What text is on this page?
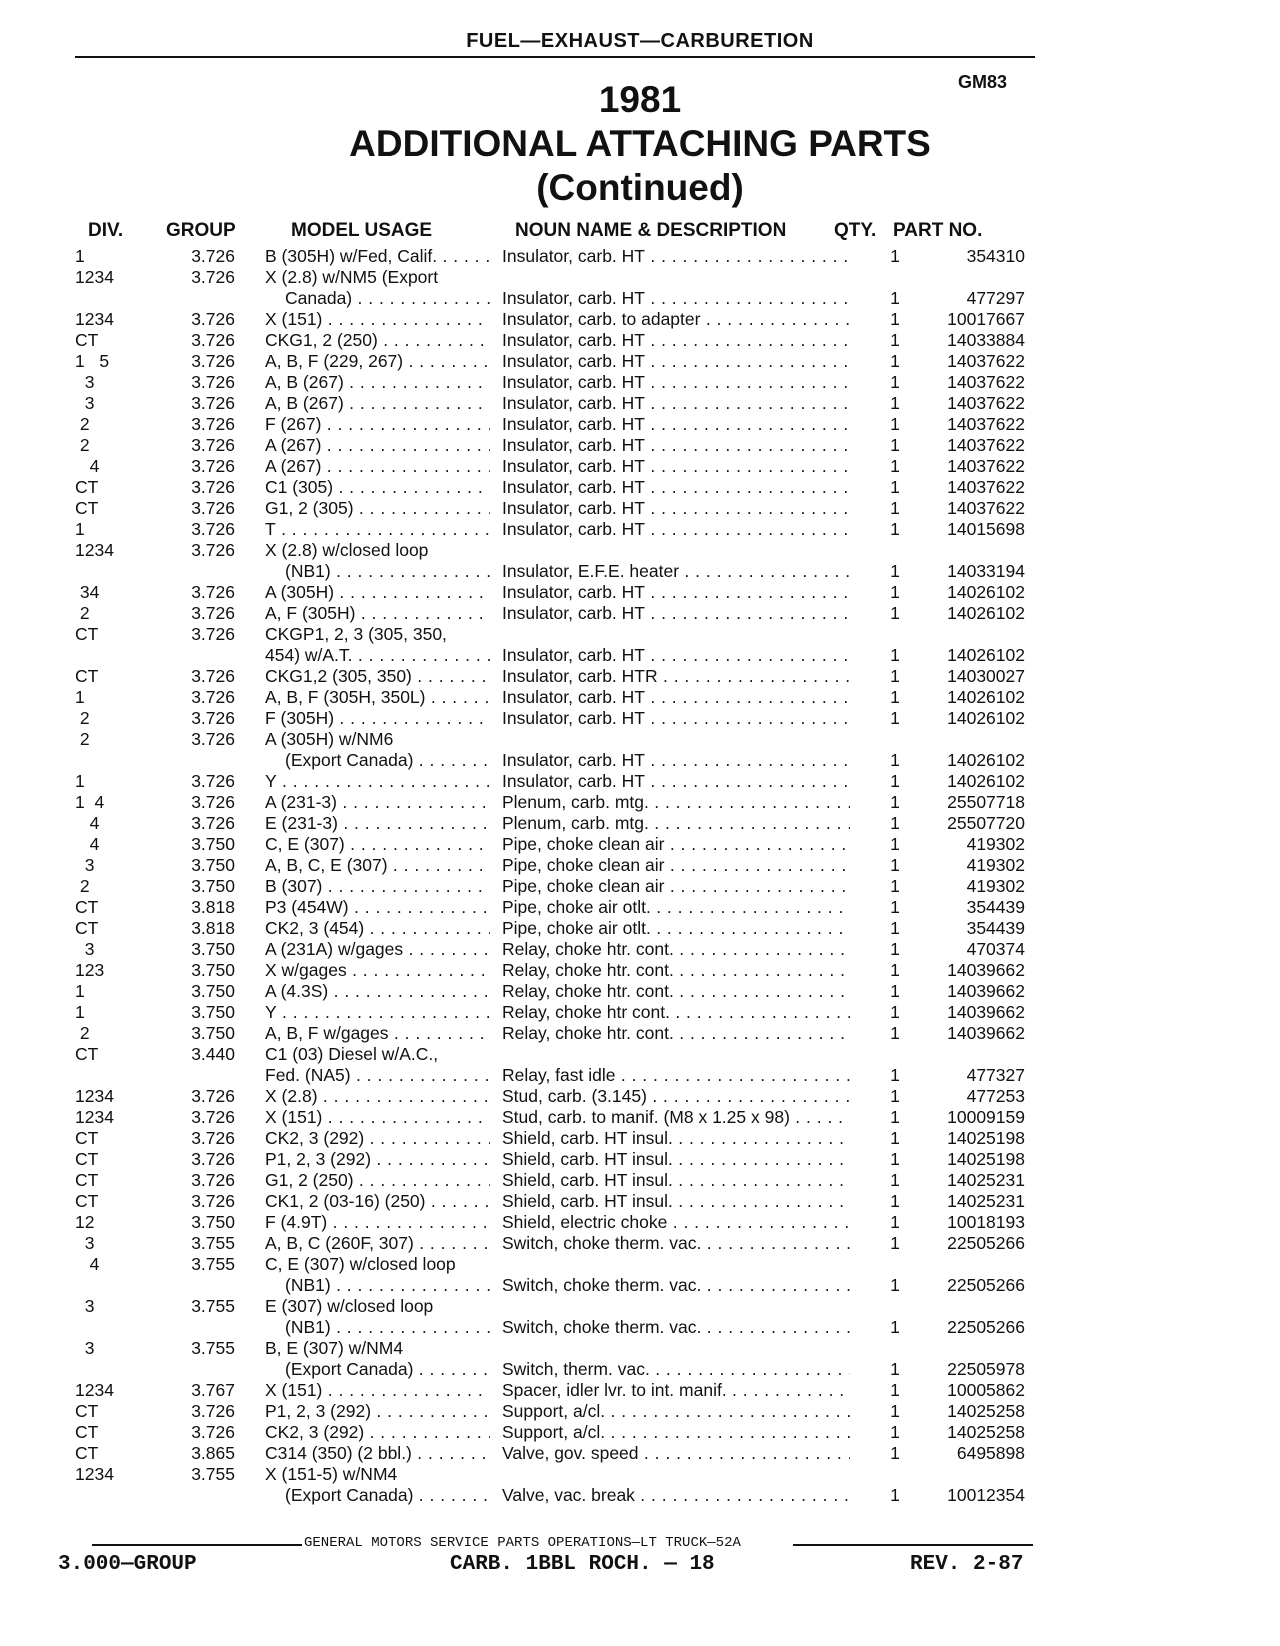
FUEL—EXHAUST—CARBURETION
GM83
1981
ADDITIONAL ATTACHING PARTS
(Continued)
DIV. GROUP	MODEL USAGE	NOUN NAME & DESCRIPTION	QTY. PART NO.
1	3.726 B (305H) w/Fed, Calif. . . .	Insulator, carb. HT . . .	1	354310
1234	3.726 X (2.8) w/NM5 (Export
Canada) . . .	Insulator, carb. HT . . .	1	477297
1234	3.726 X (151) . . .	Insulator, carb. to adapter . . .	1	10017667
CT	3.726 CKG1, 2 (250) . . .	Insulator, carb. HT . . .	1	14033884
1   5	3.726 A, B, F (229, 267) . . .	Insulator, carb. HT . . .	1	14037622
3	3.726 A, B (267) . . .	Insulator, carb. HT . . .	1	14037622
3	3.726 A, B (267) . . .	Insulator, carb. HT . . .	1	14037622
2	3.726 F (267) . . .	Insulator, carb. HT . . .	1	14037622
2	3.726 A (267) . . .	Insulator, carb. HT . . .	1	14037622
4	3.726 A (267) . . .	Insulator, carb. HT . . .	1	14037622
CT	3.726 C1 (305) . . .	Insulator, carb. HT . . .	1	14037622
CT	3.726 G1, 2 (305) . . .	Insulator, carb. HT . . .	1	14037622
1	3.726 T . . .	Insulator, carb. HT . . .	1	14015698
1234	3.726 X (2.8) w/closed loop
(NB1) . . .	Insulator, E.F.E. heater . . .	1	14033194
34	3.726 A (305H) . . .	Insulator, carb. HT . . .	1	14026102
2	3.726 A, F (305H) . . .	Insulator, carb. HT . . .	1	14026102
CT	3.726 CKGP1, 2, 3 (305, 350,
454) w/A.T. . . .	Insulator, carb. HT . . .	1	14026102
CT	3.726 CKG1,2 (305, 350) . . .	Insulator, carb. HTR . . .	1	14030027
1	3.726 A, B, F (305H, 350L) . . .	Insulator, carb. HT . . .	1	14026102
2	3.726 F (305H) . . .	Insulator, carb. HT . . .	1	14026102
2	3.726 A (305H) w/NM6
(Export Canada) . . .	Insulator, carb. HT . . .	1	14026102
1	3.726 Y . . .	Insulator, carb. HT . . .	1	14026102
1  4	3.726 A (231-3) . . .	Plenum, carb. mtg. . . .	1	25507718
4	3.726 E (231-3) . . .	Plenum, carb. mtg. . . .	1	25507720
4	3.750 C, E (307) . . .	Pipe, choke clean air . . .	1	419302
3	3.750 A, B, C, E (307) . . .	Pipe, choke clean air . . .	1	419302
2	3.750 B (307) . . .	Pipe, choke clean air . . .	1	419302
CT	3.818 P3 (454W) . . .	Pipe, choke air otlt. . . .	1	354439
CT	3.818 CK2, 3 (454) . . .	Pipe, choke air otlt. . . .	1	354439
3	3.750 A (231A) w/gages . . .	Relay, choke htr. cont. . . .	1	470374
123	3.750 X w/gages . . .	Relay, choke htr. cont. . . .	1	14039662
1	3.750 A (4.3S) . . .	Relay, choke htr. cont. . . .	1	14039662
1	3.750 Y . . .	Relay, choke htr cont. . . .	1	14039662
2	3.750 A, B, F w/gages . . .	Relay, choke htr. cont. . . .	1	14039662
CT	3.440 C1 (03) Diesel w/A.C.,
Fed. (NA5) . . .	Relay, fast idle . . .	1	477327
1234	3.726 X (2.8) . . .	Stud, carb. (3.145) . . .	1	477253
1234	3.726 X (151) . . .	Stud, carb. to manif. (M8 x 1.25 x 98) . . .	1	10009159
CT	3.726 CK2, 3 (292) . . .	Shield, carb. HT insul. . . .	1	14025198
CT	3.726 P1, 2, 3 (292) . . .	Shield, carb. HT insul. . . .	1	14025198
CT	3.726 G1, 2 (250) . . .	Shield, carb. HT insul. . . .	1	14025231
CT	3.726 CK1, 2 (03-16) (250) . . .	Shield, carb. HT insul. . . .	1	14025231
12	3.750 F (4.9T) . . .	Shield, electric choke . . .	1	10018193
3	3.755 A, B, C (260F, 307) . . .	Switch, choke therm. vac. . . .	1	22505266
4	3.755 C, E (307) w/closed loop
(NB1) . . .	Switch, choke therm. vac. . . .	1	22505266
3	3.755 E (307) w/closed loop
(NB1) . . .	Switch, choke therm. vac. . . .	1	22505266
3	3.755 B, E (307) w/NM4
(Export Canada) . . .	Switch, therm. vac. . . .	1	22505978
1234	3.767 X (151) . . .	Spacer, idler lvr. to int. manif. . . .	1	10005862
CT	3.726 P1, 2, 3 (292) . . .	Support, a/cl. . . .	1	14025258
CT	3.726 CK2, 3 (292) . . .	Support, a/cl. . . .	1	14025258
CT	3.865 C314 (350) (2 bbl.) . . .	Valve, gov. speed . . .	1	6495898
1234	3.755 X (151-5) w/NM4
(Export Canada) . . .	Valve, vac. break . . .	1	10012354
GENERAL MOTORS SERVICE PARTS OPERATIONS—LT TRUCK—52A
3.000—GROUP	CARB. 1BBL ROCH. — 18	REV. 2-87
